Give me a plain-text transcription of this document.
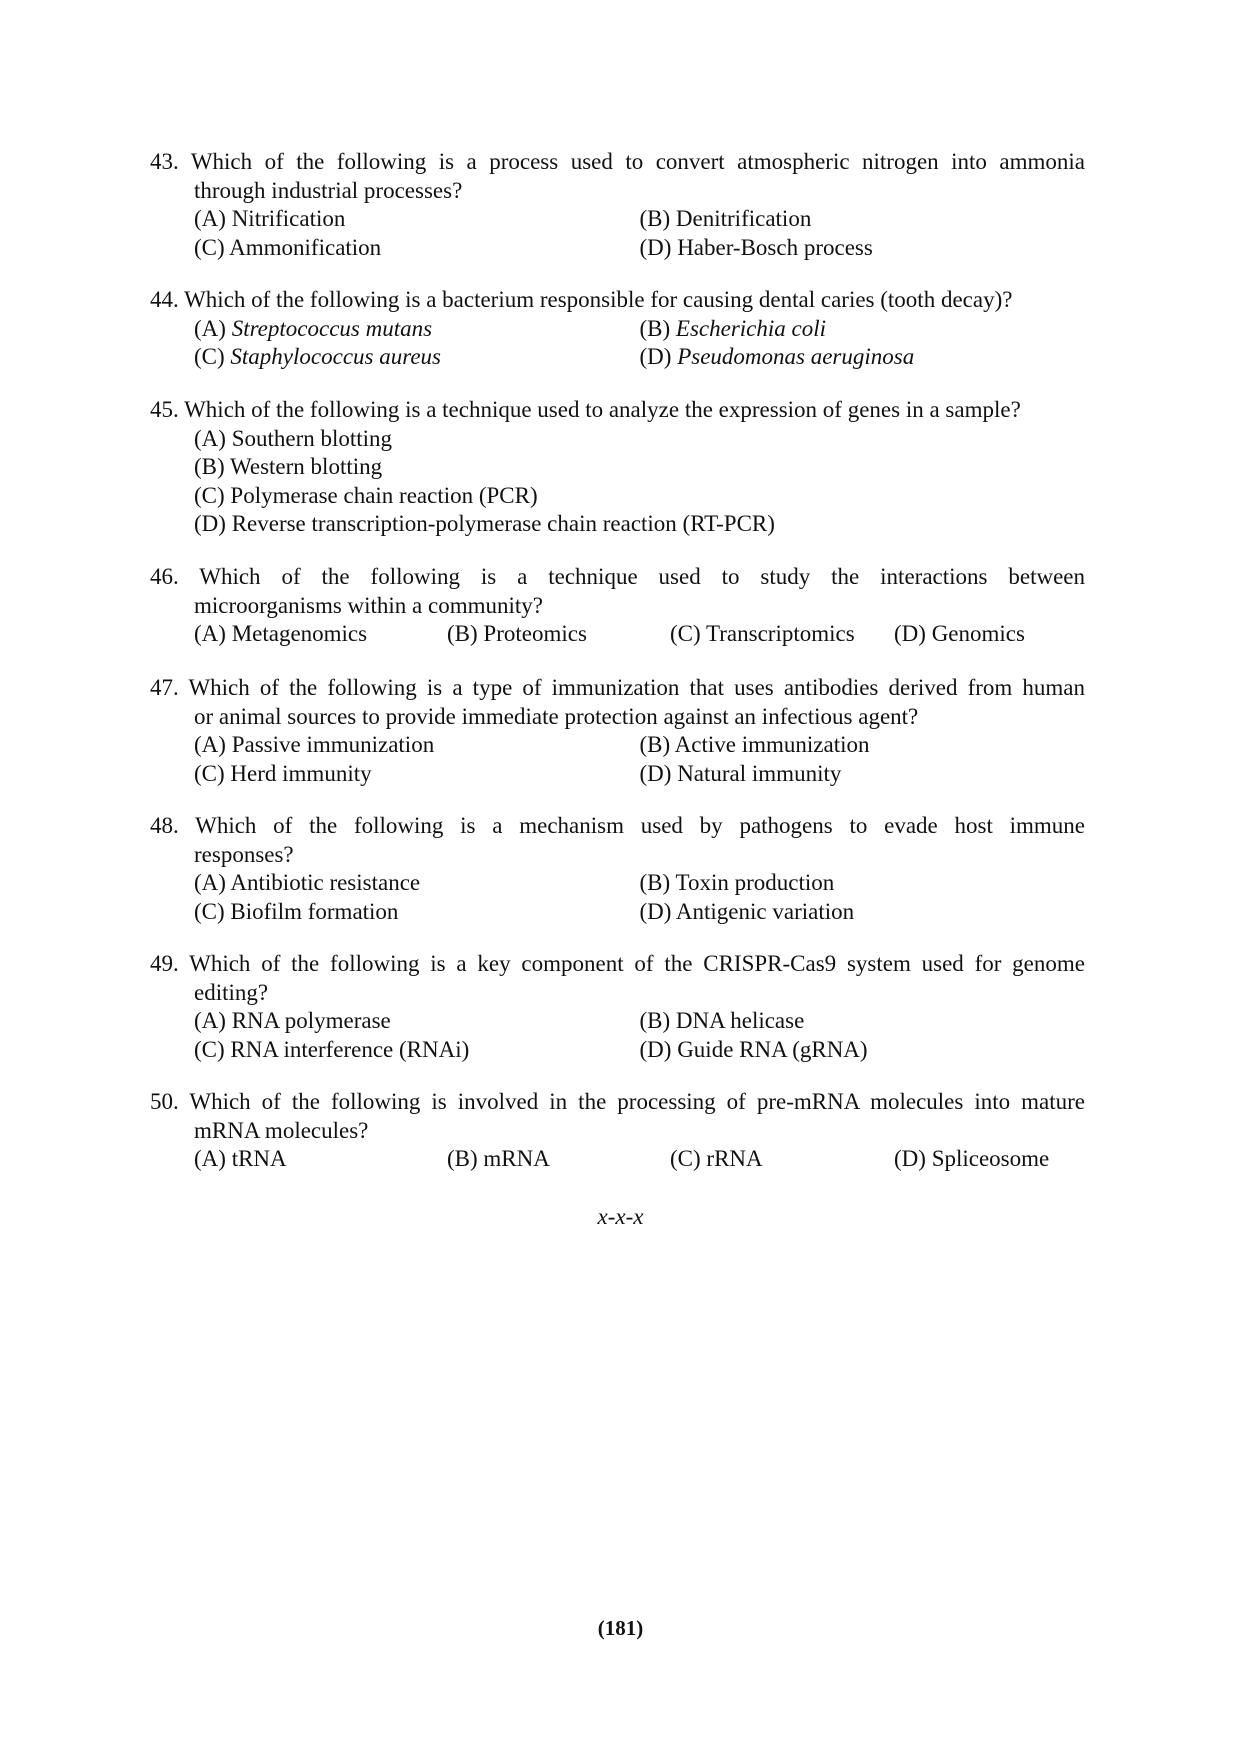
43. Which of the following is a process used to convert atmospheric nitrogen into ammonia
through industrial processes?
(A) Nitrification	(B) Denitrification
(C) Ammonification	(D) Haber-Bosch process
44. Which of the following is a bacterium responsible for causing dental caries (tooth decay)?
(A) Streptococcus mutans	(B) Escherichia coli
(C) Staphylococcus aureus	(D) Pseudomonas aeruginosa
45. Which of the following is a technique used to analyze the expression of genes in a sample?
(A) Southern blotting
(B) Western blotting
(C) Polymerase chain reaction (PCR)
(D) Reverse transcription-polymerase chain reaction (RT-PCR)
46. Which of the following is a technique used to study the interactions between
microorganisms within a community?
(A) Metagenomics	(B) Proteomics	(C) Transcriptomics	(D) Genomics
47. Which of the following is a type of immunization that uses antibodies derived from human
or animal sources to provide immediate protection against an infectious agent?
(A) Passive immunization	(B) Active immunization
(C) Herd immunity	(D) Natural immunity
48. Which of the following is a mechanism used by pathogens to evade host immune
responses?
(A) Antibiotic resistance	(B) Toxin production
(C) Biofilm formation	(D) Antigenic variation
49. Which of the following is a key component of the CRISPR-Cas9 system used for genome
editing?
(A) RNA polymerase	(B) DNA helicase
(C) RNA interference (RNAi)	(D) Guide RNA (gRNA)
50. Which of the following is involved in the processing of pre-mRNA molecules into mature
mRNA molecules?
(A) tRNA	(B) mRNA	(C) rRNA	(D) Spliceosome
x-x-x
(181)
